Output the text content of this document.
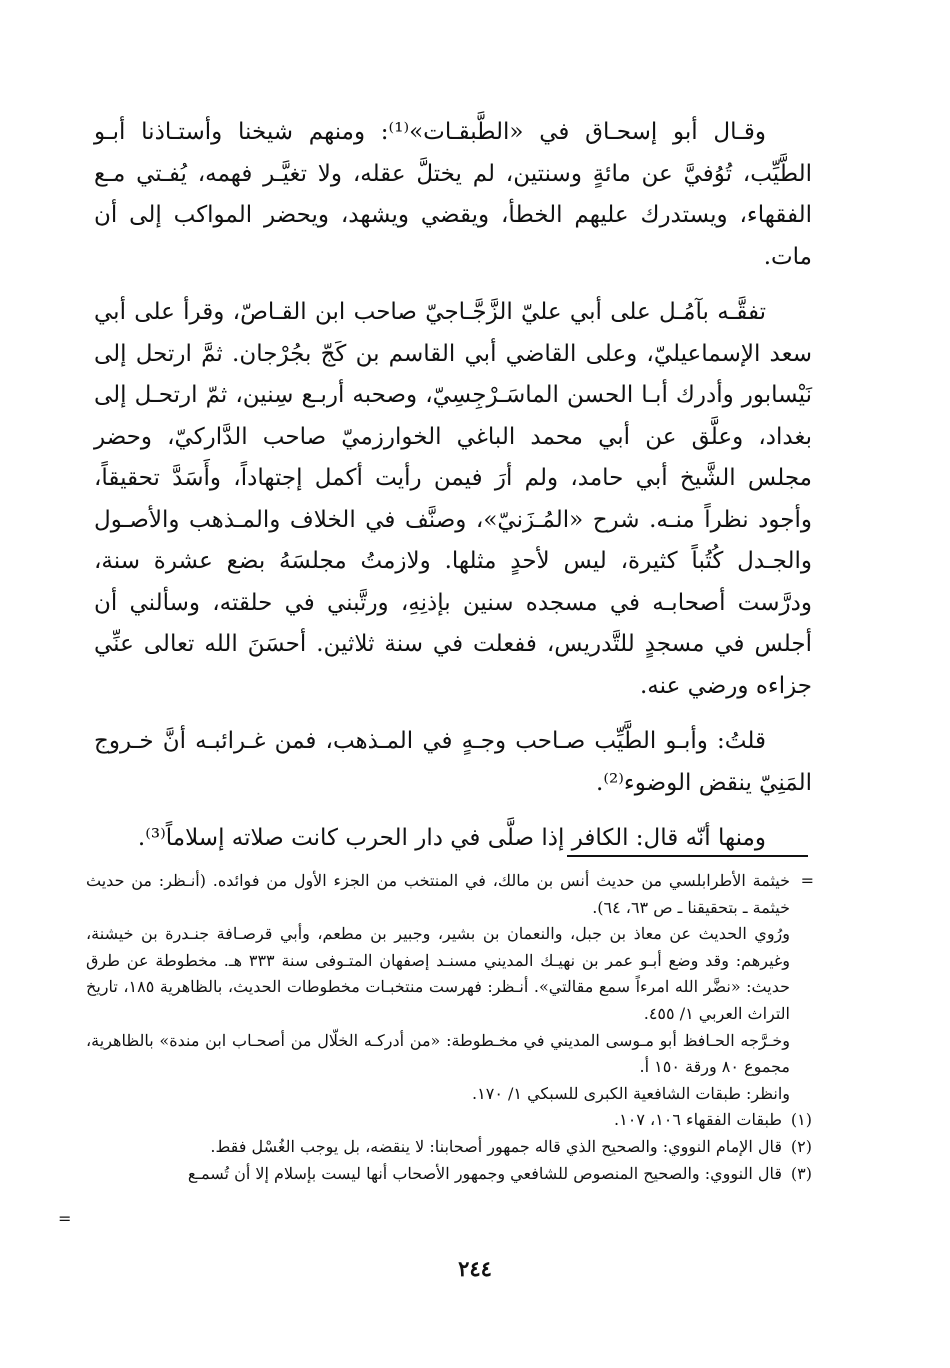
وقـال أبو إسحـاق في «الطَّبقـات»⁽¹⁾: ومنهم شيخنا وأستـاذنا أبـو الطَّيِّب، تُوُفيَّ عن مائةٍ وسنتين، لم يختلَّ عقله، ولا تغيَّـر فهمه، يُفـتي مـع الفقهاء، ويستدرك عليهم الخطأ، ويقضي ويشهد، ويحضر المواكب إلى أن مات.

تفقَّـه بآمُـل على أبي عليّ الزَّجَّـاجيّ صاحب ابن القـاصّ، وقرأ على أبي سعد الإسماعيليّ، وعلى القاضي أبي القاسم بن كَجّ بجُرْجان. ثمَّ ارتحل إلى نَيْسابور وأدرك أبـا الحسن الماسَـرْجِسِيّ، وصحبه أربـع سِنين، ثمّ ارتحـل إلى بغداد، وعلَّق عن أبي محمد الباغي الخوارزميّ صاحب الدَّاركيّ، وحضر مجلس الشَّيخ أبي حامد، ولم أرَ فيمن رأيت أكمل إجتهاداً، وأَسَدَّ تحقيقاً، وأجود نظراً منـه. شرح «المُـزَنيّ»، وصنَّف في الخلاف والمـذهب والأصـول والجـدل كُتُباً كثيرة، ليس لأحدٍ مثلها. ولازمتُ مجلسَهُ بضع عشرة سنة، ودرَّست أصحابـه في مسجده سنين بإذنِهِ، ورتَّبني في حلقته، وسألني أن أجلس في مسجدٍ للتَّدريس، ففعلت في سنة ثلاثين. أحسَنَ الله تعالى عنِّي جزاءه ورضي عنه.

قلتُ: وأبـو الطَّيِّب صـاحب وجـهٍ في المـذهب، فمن غـرائبـه أنَّ خـروج المَنِيّ ينقض الوضوء⁽²⁾.

ومنها أنّه قال: الكافر إذا صلَّى في دار الحرب كانت صلاته إسلاماً⁽³⁾.

=

خيثمة الأطرابلسي من حديث أنس بن مالك، في المنتخب من الجزء الأول من فوائده. (أنـظر: من حديث خيثمة ـ بتحقيقنا ـ ص ٦٣، ٦٤).

ورُوي الحديث عن معاذ بن جبل، والنعمان بن بشير، وجبير بن مطعم، وأبي قرصـافة جنـدرة بن خيشنة، وغيرهم: وقد وضع أبـو عمر بن نهيـك المديني مسنـد إصفهان المتـوفى سنة ٣٣٣ هـ. مخطوطة عن طرق حديث: «نضَّر الله امرءاً سمع مقالتي». أنـظر: فهرست منتخبـات مخطوطات الحديث، بالظاهرية ١٨٥، تاريخ التراث العربي ١/ ٤٥٥.

وخـرَّجه الحـافظ أبو مـوسى المديني في مخـطوطة: «من أدركـه الخلّال من أصحـاب ابن مندة» بالظاهرية، مجموع ٨٠ ورقة ١٥٠ أ.

وانظر: طبقات الشافعية الكبرى للسبكي ١/ ١٧٠.

(١)

طبقات الفقهاء ١٠٦، ١٠٧.

(٢)

قال الإمام النووي: والصحيح الذي قاله جمهور أصحابنا: لا ينقضه، بل يوجب الغُسْل فقط.

(٣)

قال النووي: والصحيح المنصوص للشافعي وجمهور الأصحاب أنها ليست بإسلام إلا أن تُسمـع

=
٢٤٤
